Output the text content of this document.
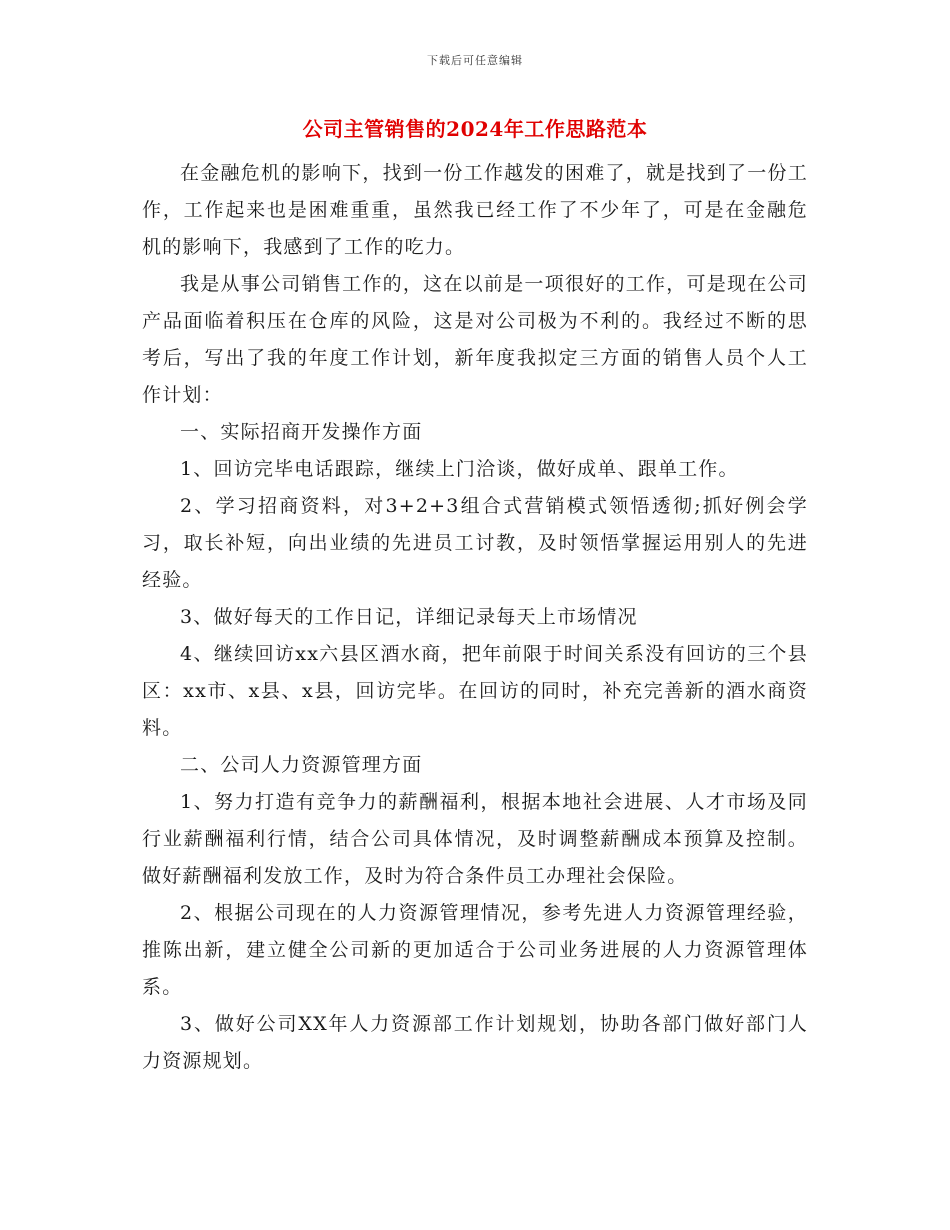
下载后可任意编辑
公司主管销售的2024年工作思路范本

在金融危机的影响下，找到一份工作越发的困难了，就是找到了一份工作，工作起来也是困难重重，虽然我已经工作了不少年了，可是在金融危机的影响下，我感到了工作的吃力。

我是从事公司销售工作的，这在以前是一项很好的工作，可是现在公司产品面临着积压在仓库的风险，这是对公司极为不利的。我经过不断的思考后，写出了我的年度工作计划，新年度我拟定三方面的销售人员个人工作计划：

一、实际招商开发操作方面

1、回访完毕电话跟踪，继续上门洽谈，做好成单、跟单工作。

2、学习招商资料，对3+2+3组合式营销模式领悟透彻;抓好例会学习，取长补短，向出业绩的先进员工讨教，及时领悟掌握运用别人的先进经验。

3、做好每天的工作日记，详细记录每天上市场情况

4、继续回访xx六县区酒水商，把年前限于时间关系没有回访的三个县区：xx市、x县、x县，回访完毕。在回访的同时，补充完善新的酒水商资料。

二、公司人力资源管理方面

1、努力打造有竞争力的薪酬福利，根据本地社会进展、人才市场及同行业薪酬福利行情，结合公司具体情况，及时调整薪酬成本预算及控制。做好薪酬福利发放工作，及时为符合条件员工办理社会保险。

2、根据公司现在的人力资源管理情况，参考先进人力资源管理经验，推陈出新，建立健全公司新的更加适合于公司业务进展的人力资源管理体系。

3、做好公司XX年人力资源部工作计划规划，协助各部门做好部门人力资源规划。
